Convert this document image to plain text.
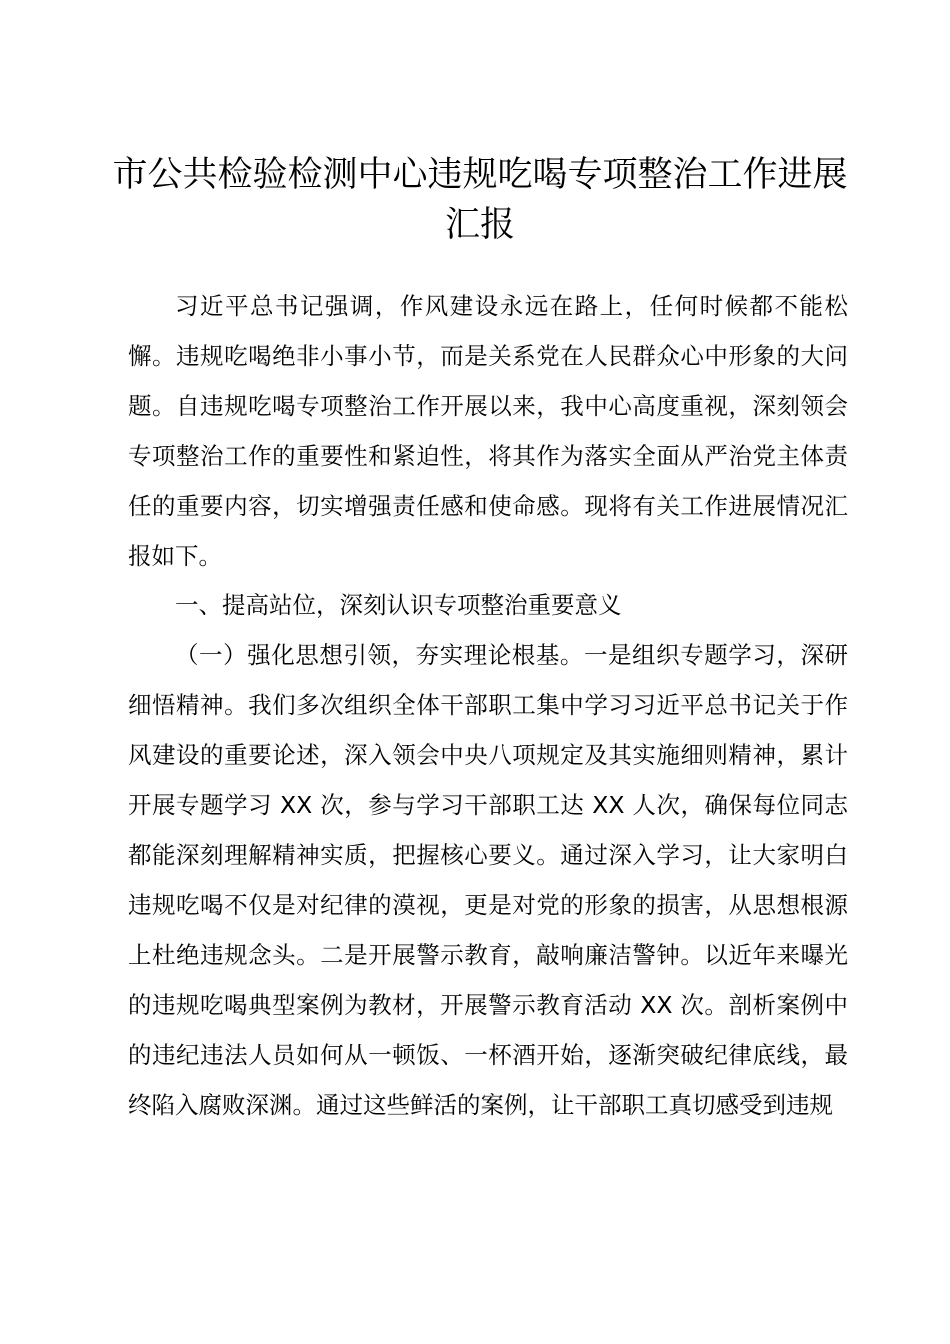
市公共检验检测中心违规吃喝专项整治工作进展汇报

习近平总书记强调，作风建设永远在路上，任何时候都不能松懈。违规吃喝绝非小事小节，而是关系党在人民群众心中形象的大问题。自违规吃喝专项整治工作开展以来，我中心高度重视，深刻领会专项整治工作的重要性和紧迫性，将其作为落实全面从严治党主体责任的重要内容，切实增强责任感和使命感。现将有关工作进展情况汇报如下。

一、提高站位，深刻认识专项整治重要意义

（一）强化思想引领，夯实理论根基。一是组织专题学习，深研细悟精神。我们多次组织全体干部职工集中学习习近平总书记关于作风建设的重要论述，深入领会中央八项规定及其实施细则精神，累计开展专题学习 XX 次，参与学习干部职工达 XX 人次，确保每位同志都能深刻理解精神实质，把握核心要义。通过深入学习，让大家明白违规吃喝不仅是对纪律的漠视，更是对党的形象的损害，从思想根源上杜绝违规念头。二是开展警示教育，敲响廉洁警钟。以近年来曝光的违规吃喝典型案例为教材，开展警示教育活动 XX 次。剖析案例中的违纪违法人员如何从一顿饭、一杯酒开始，逐渐突破纪律底线，最终陷入腐败深渊。通过这些鲜活的案例，让干部职工真切感受到违规
